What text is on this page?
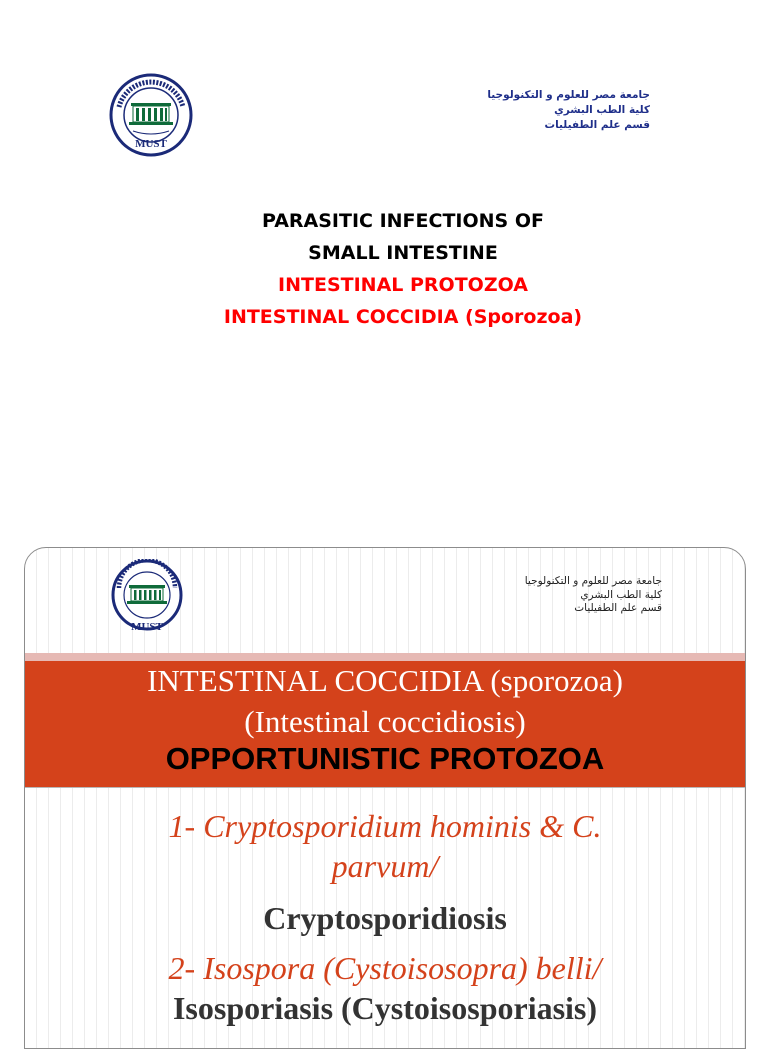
MUST
جامعة مصر للعلوم و التكنولوجيا
كلية الطب البشري
قسم علم الطفيليات
PARASITIC INFECTIONS OF
SMALL INTESTINE
INTESTINAL PROTOZOA
INTESTINAL COCCIDIA (Sporozoa)
MUST
جامعة مصر للعلوم و التكنولوجيا
كلية الطب البشري
قسم علم الطفيليات
INTESTINAL COCCIDIA (sporozoa)
(Intestinal coccidiosis)
OPPORTUNISTIC PROTOZOA
1- Cryptosporidium hominis & C.
parvum/
Cryptosporidiosis
2- Isospora (Cystoisosopra) belli/
Isosporiasis (Cystoisosporiasis)
